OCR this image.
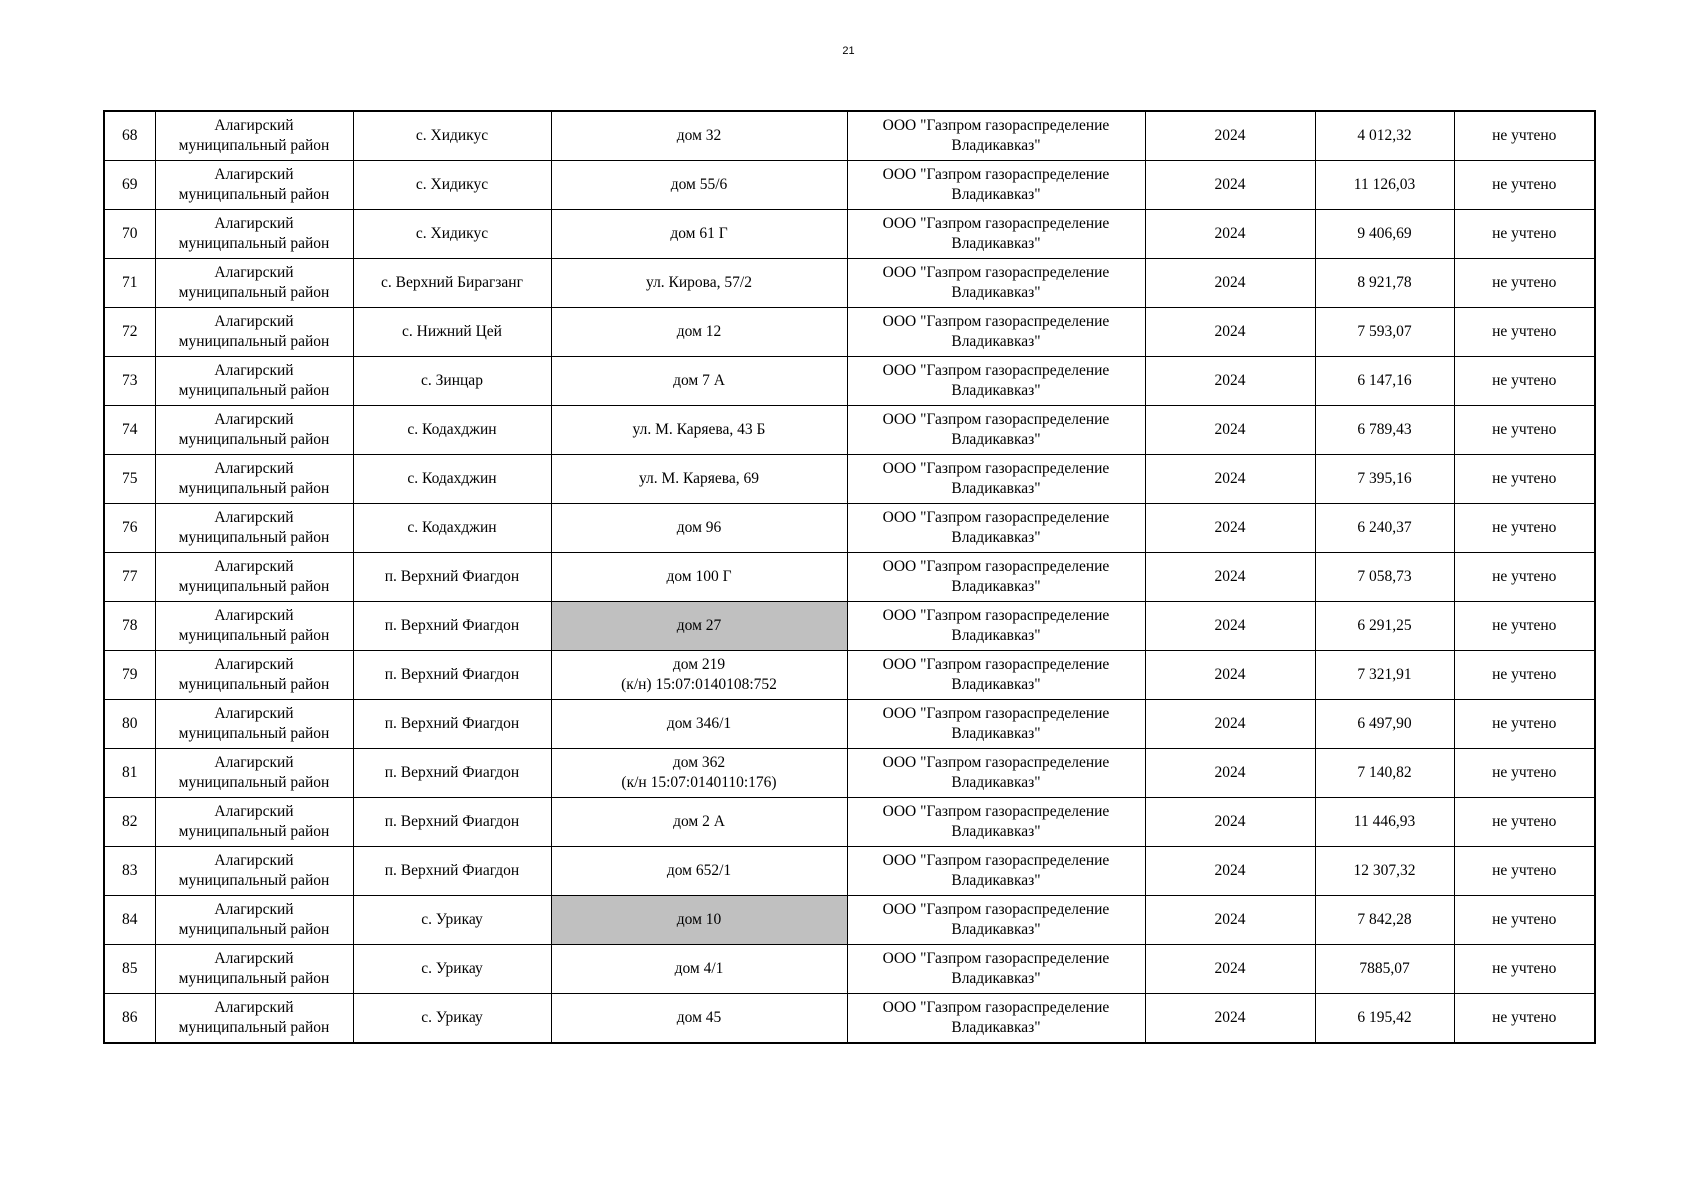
21
68	Алагирский
муниципальный район	с. Хидикус	дом 32	ООО "Газпром газораспределение
Владикавказ"	2024	4 012,32	не учтено
69	Алагирский
муниципальный район	с. Хидикус	дом 55/6	ООО "Газпром газораспределение
Владикавказ"	2024	11 126,03	не учтено
70	Алагирский
муниципальный район	с. Хидикус	дом 61 Г	ООО "Газпром газораспределение
Владикавказ"	2024	9 406,69	не учтено
71	Алагирский
муниципальный район	с. Верхний Бирагзанг	ул. Кирова, 57/2	ООО "Газпром газораспределение
Владикавказ"	2024	8 921,78	не учтено
72	Алагирский
муниципальный район	с. Нижний Цей	дом 12	ООО "Газпром газораспределение
Владикавказ"	2024	7 593,07	не учтено
73	Алагирский
муниципальный район	с. Зинцар	дом 7 А	ООО "Газпром газораспределение
Владикавказ"	2024	6 147,16	не учтено
74	Алагирский
муниципальный район	с. Кодахджин	ул. М. Каряева, 43 Б	ООО "Газпром газораспределение
Владикавказ"	2024	6 789,43	не учтено
75	Алагирский
муниципальный район	с. Кодахджин	ул. М. Каряева, 69	ООО "Газпром газораспределение
Владикавказ"	2024	7 395,16	не учтено
76	Алагирский
муниципальный район	с. Кодахджин	дом 96	ООО "Газпром газораспределение
Владикавказ"	2024	6 240,37	не учтено
77	Алагирский
муниципальный район	п. Верхний Фиагдон	дом 100 Г	ООО "Газпром газораспределение
Владикавказ"	2024	7 058,73	не учтено
78	Алагирский
муниципальный район	п. Верхний Фиагдон	дом 27	ООО "Газпром газораспределение
Владикавказ"	2024	6 291,25	не учтено
79	Алагирский
муниципальный район	п. Верхний Фиагдон	дом 219
(к/н) 15:07:0140108:752	ООО "Газпром газораспределение
Владикавказ"	2024	7 321,91	не учтено
80	Алагирский
муниципальный район	п. Верхний Фиагдон	дом 346/1	ООО "Газпром газораспределение
Владикавказ"	2024	6 497,90	не учтено
81	Алагирский
муниципальный район	п. Верхний Фиагдон	дом 362
(к/н 15:07:0140110:176)	ООО "Газпром газораспределение
Владикавказ"	2024	7 140,82	не учтено
82	Алагирский
муниципальный район	п. Верхний Фиагдон	дом 2 А	ООО "Газпром газораспределение
Владикавказ"	2024	11 446,93	не учтено
83	Алагирский
муниципальный район	п. Верхний Фиагдон	дом 652/1	ООО "Газпром газораспределение
Владикавказ"	2024	12 307,32	не учтено
84	Алагирский
муниципальный район	с. Урикау	дом 10	ООО "Газпром газораспределение
Владикавказ"	2024	7 842,28	не учтено
85	Алагирский
муниципальный район	с. Урикау	дом 4/1	ООО "Газпром газораспределение
Владикавказ"	2024	7885,07	не учтено
86	Алагирский
муниципальный район	с. Урикау	дом 45	ООО "Газпром газораспределение
Владикавказ"	2024	6 195,42	не учтено
